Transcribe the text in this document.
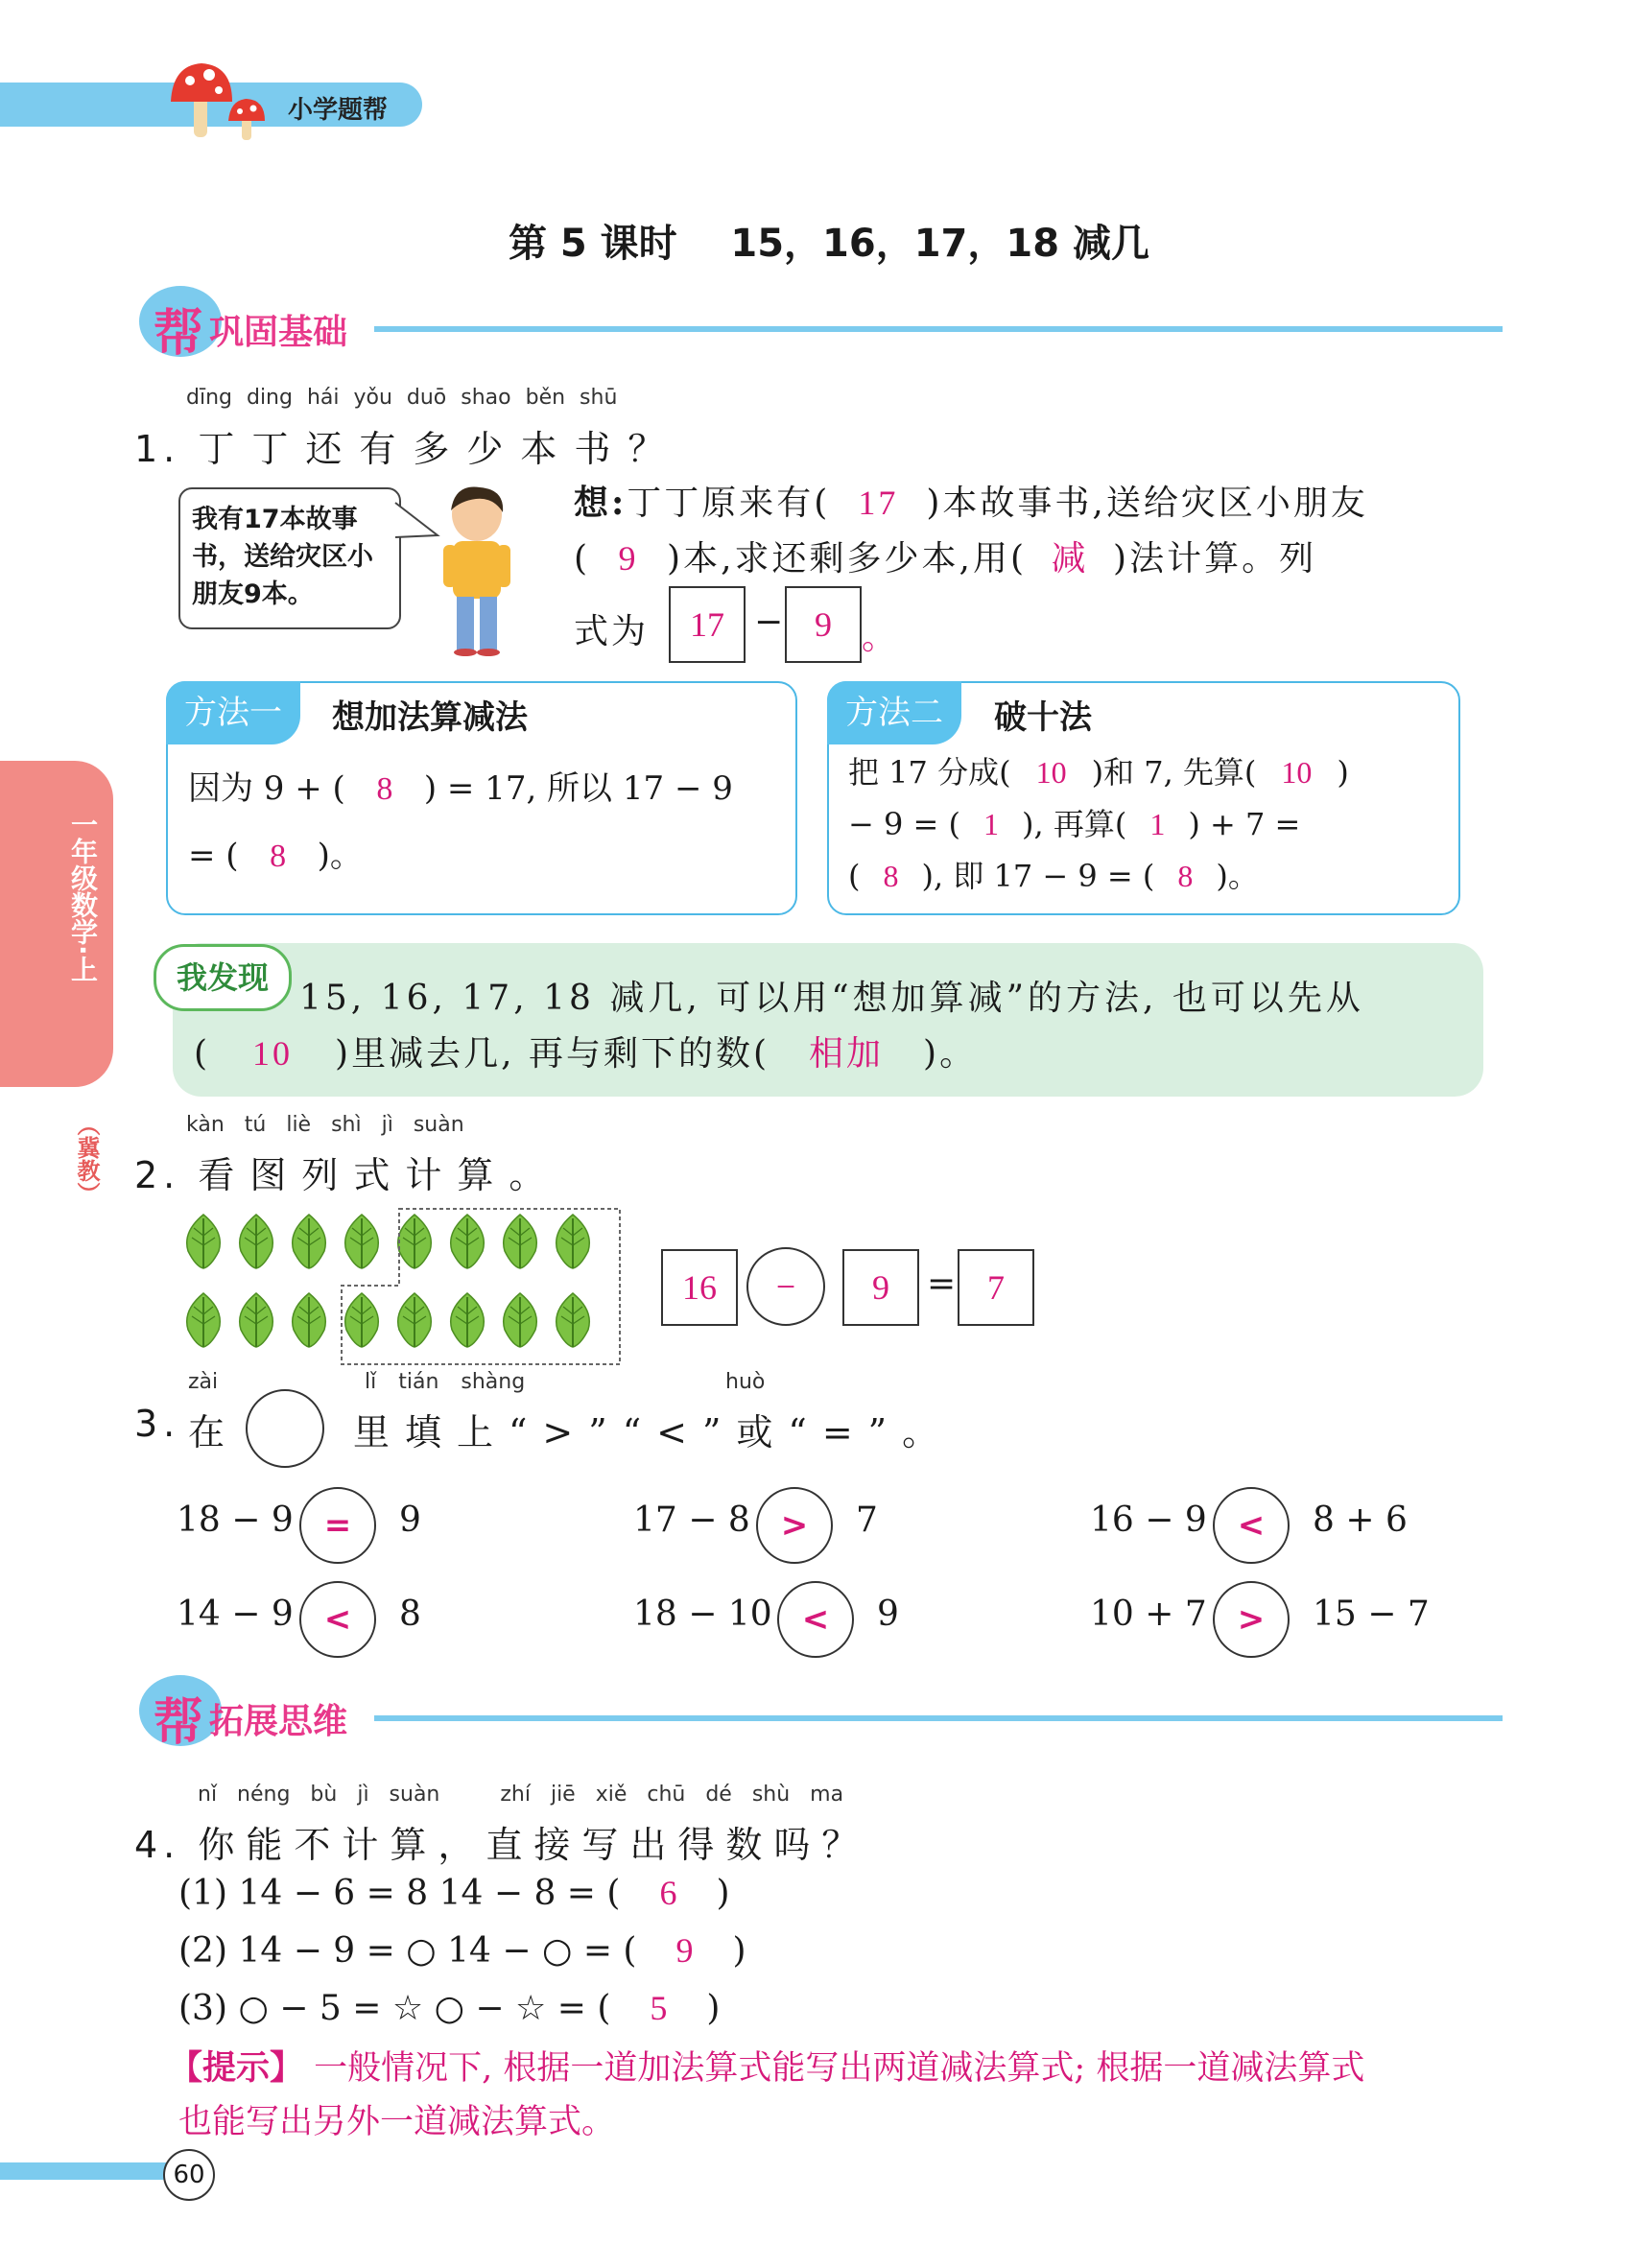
小学题帮
第 5 课时    15，16，17，18 减几
帮 巩固基础
一年级数学·上
（冀教）
dīng ding hái yǒu duō shao běn shū
1. 丁丁还有多少本书？
我有17本故事书，送给灾区小朋友9本。
想:丁丁原来有( 17 )本故事书,送给灾区小朋友
( 9 )本,求还剩多少本,用( 减 )法计算。列
式为 17 − 9 。
方法一	想加法算减法
因为 9 + ( 8 ) = 17, 所以 17 − 9
= ( 8 )。
方法二	破十法
把 17 分成( 10 )和 7, 先算( 10 )
− 9 = ( 1 ), 再算( 1 ) + 7 =
( 8 ), 即 17 − 9 = ( 8 )。
我发现
15, 16, 17, 18 减几, 可以用“想加算减”的方法, 也可以先从
( 10 )里减去几, 再与剩下的数( 相加 )。
kàn tú liè shì jì suàn
2. 看图列式计算。
16 − 9 = 7
zài	lǐ tián shàng	huò
3. 在	里填上“>”“<”或“=”。
18 − 9 = 9	17 − 8 > 7	16 − 9 < 8 + 6
14 − 9 < 8	18 − 10 < 9	10 + 7 > 15 − 7
帮 拓展思维
nǐ néng bù jì suàn   zhí jiē xiě chū dé shù ma
4. 你能不计算，直接写出得数吗？
(1) 14 − 6 = 8 14 − 8 = ( 6 )
(2) 14 − 9 = ○ 14 − ○ = ( 9 )
(3) ○ − 5 = ☆ ○ − ☆ = ( 5 )
【提示】 一般情况下, 根据一道加法算式能写出两道减法算式; 根据一道减法算式
也能写出另外一道减法算式。
60
